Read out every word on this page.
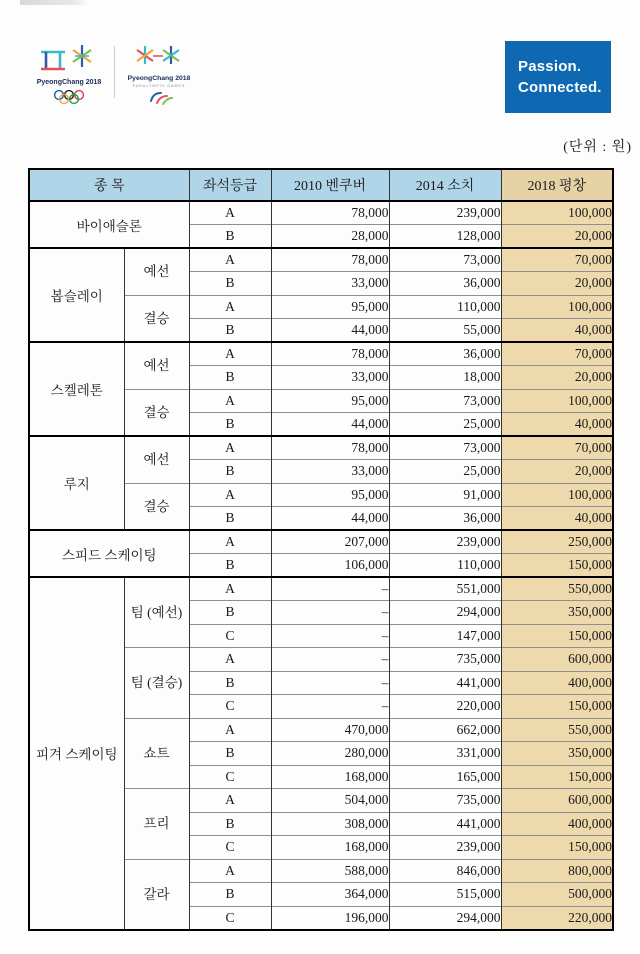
PyeongChang 2018
PyeongChang 2018
PARALYMPIC GAMES
Passion.
Connected.
(단위 : 원)
종 목		좌석등급	2010 벤쿠버	2014 소치	2018 평창
바이애슬론		A	78,000	239,000	100,000
		B	28,000	128,000	20,000
봅슬레이	예선	A	78,000	73,000	70,000
		B	33,000	36,000	20,000
	결승	A	95,000	110,000	100,000
		B	44,000	55,000	40,000
스켈레톤	예선	A	78,000	36,000	70,000
		B	33,000	18,000	20,000
	결승	A	95,000	73,000	100,000
		B	44,000	25,000	40,000
루지	예선	A	78,000	73,000	70,000
		B	33,000	25,000	20,000
	결승	A	95,000	91,000	100,000
		B	44,000	36,000	40,000
스피드 스케이팅		A	207,000	239,000	250,000
		B	106,000	110,000	150,000
피겨 스케이팅	팀 (예선)	A	–	551,000	550,000
		B	–	294,000	350,000
		C	–	147,000	150,000
	팀 (결승)	A	–	735,000	600,000
		B	–	441,000	400,000
		C	–	220,000	150,000
	쇼트	A	470,000	662,000	550,000
		B	280,000	331,000	350,000
		C	168,000	165,000	150,000
	프리	A	504,000	735,000	600,000
		B	308,000	441,000	400,000
		C	168,000	239,000	150,000
	갈라	A	588,000	846,000	800,000
		B	364,000	515,000	500,000
		C	196,000	294,000	220,000
